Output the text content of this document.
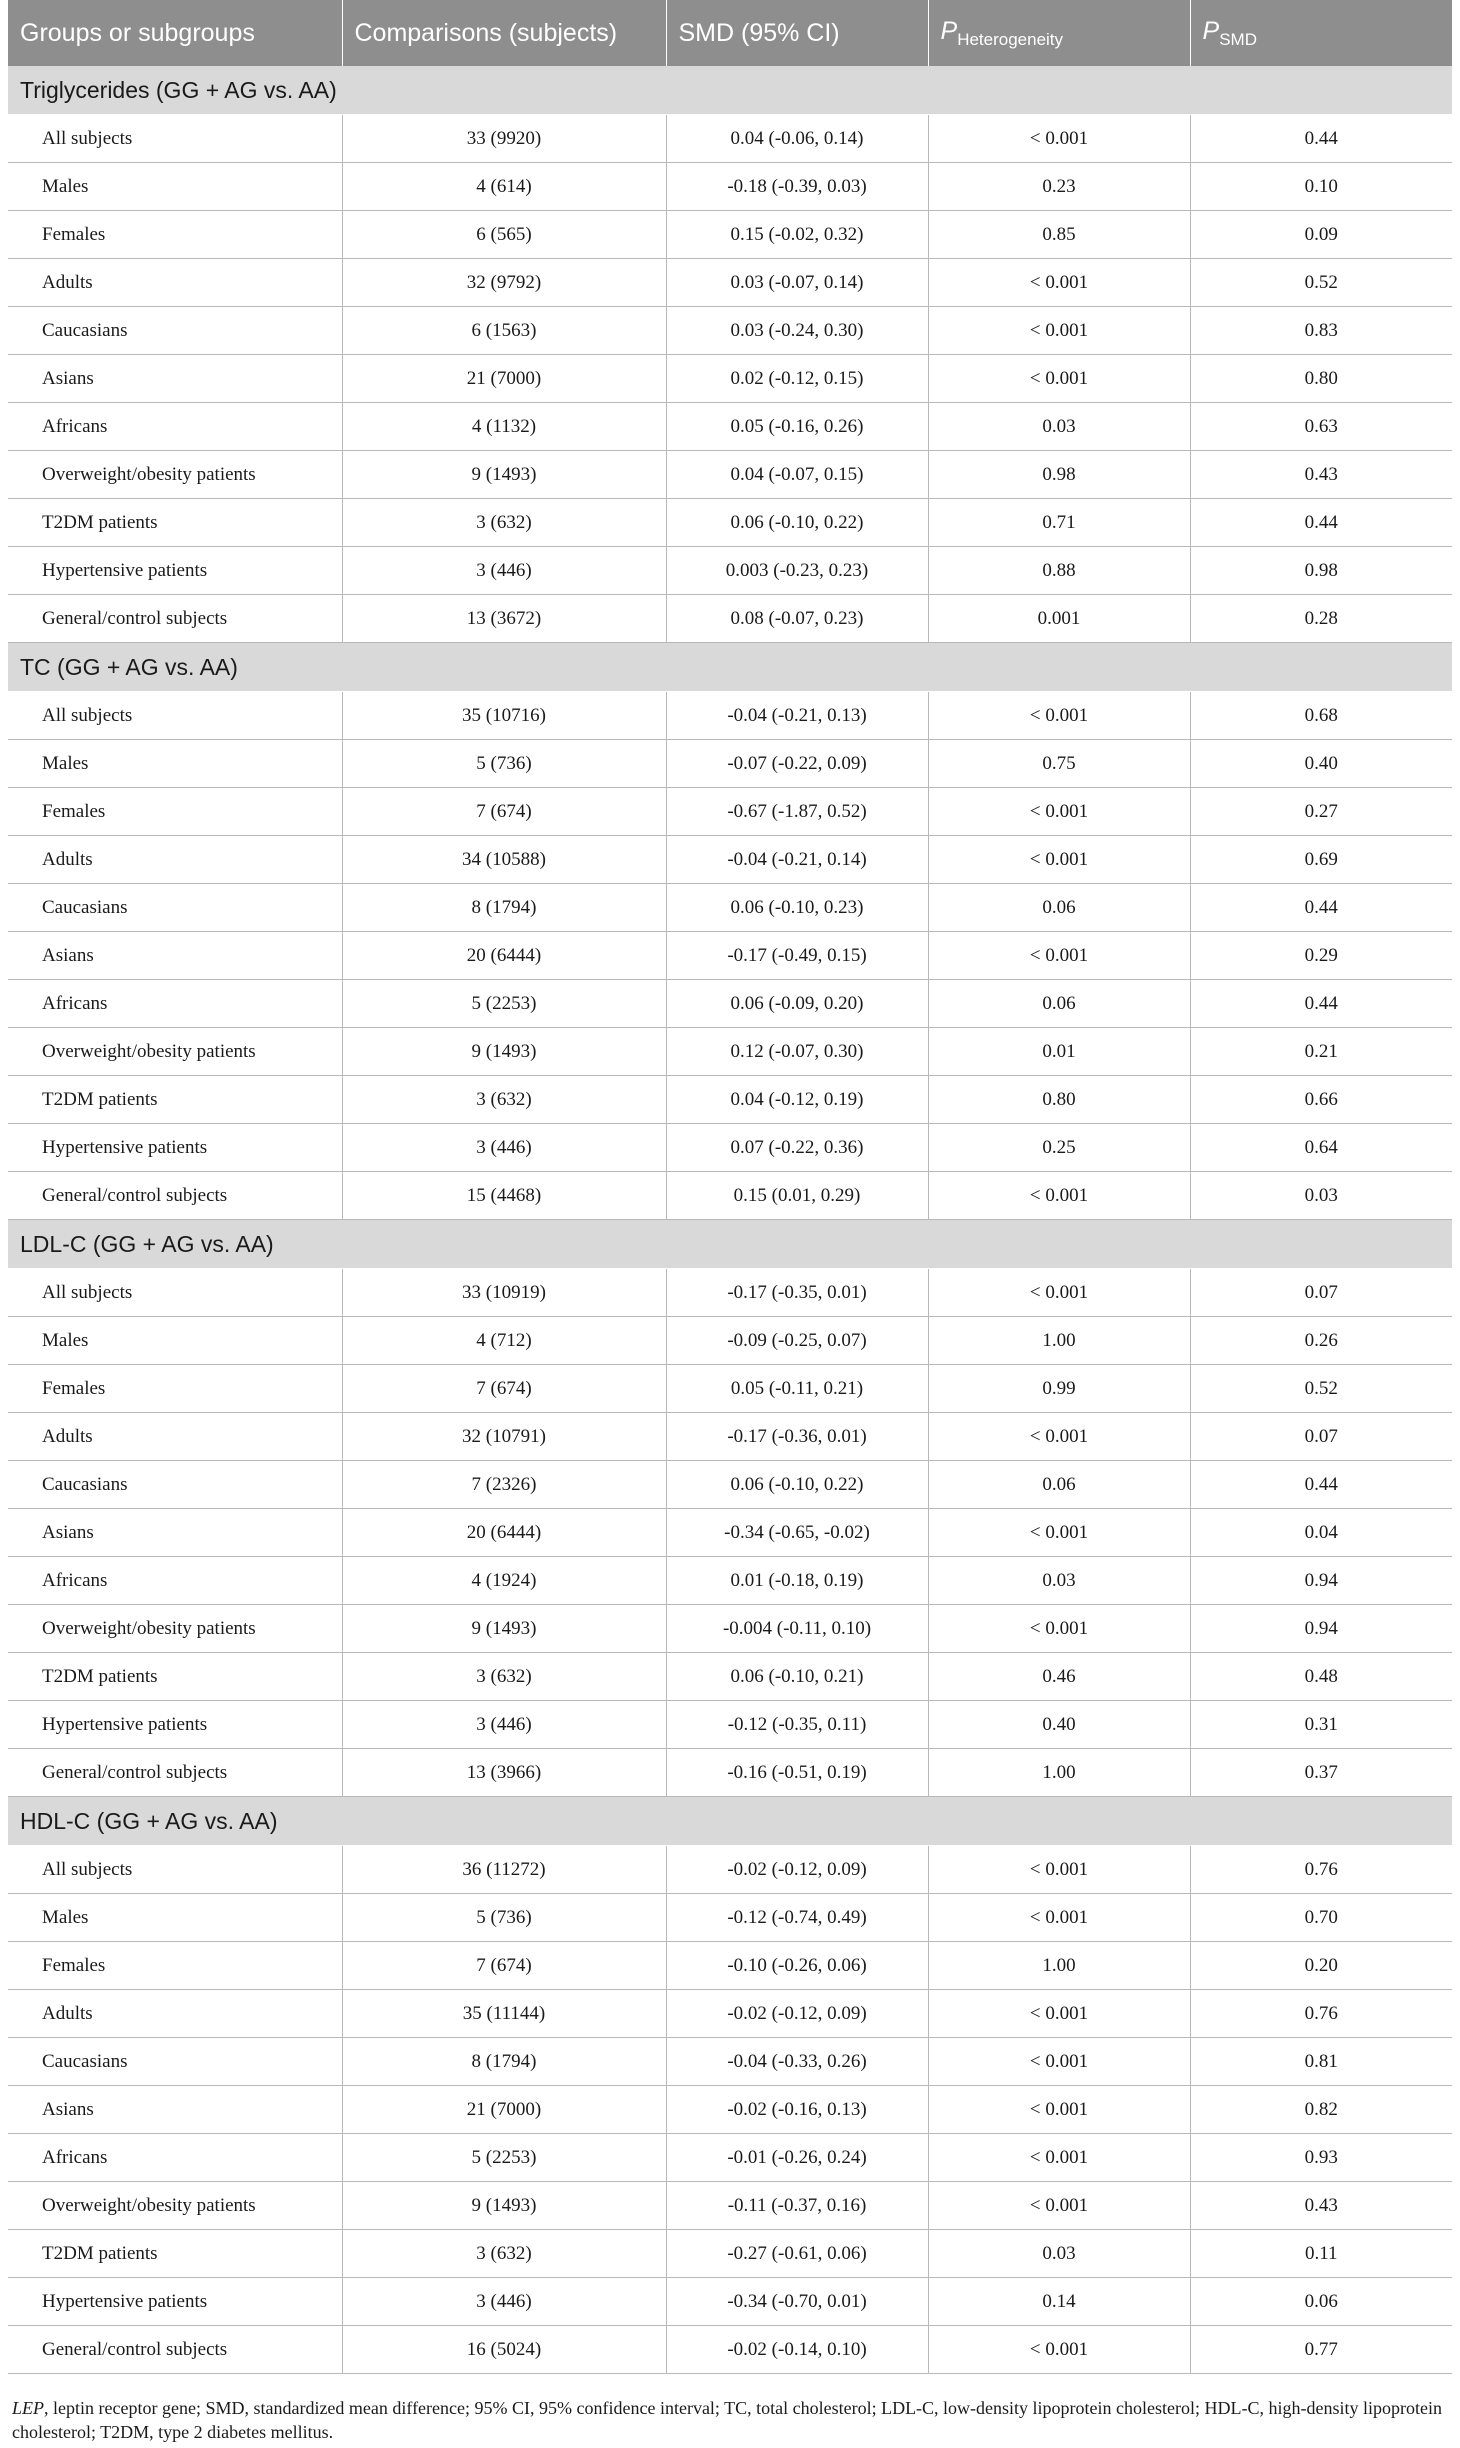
Groups or subgroups	Comparisons (subjects)	SMD (95% CI)	$P_{Heterogeneity}$	$P_{SMD}$
Triglycerides (GG + AG vs. AA)				
All subjects	33 (9920)	0.04 (-0.06, 0.14)	< 0.001	0.44
Males	4 (614)	-0.18 (-0.39, 0.03)	0.23	0.10
Females	6 (565)	0.15 (-0.02, 0.32)	0.85	0.09
Adults	32 (9792)	0.03 (-0.07, 0.14)	< 0.001	0.52
Caucasians	6 (1563)	0.03 (-0.24, 0.30)	< 0.001	0.83
Asians	21 (7000)	0.02 (-0.12, 0.15)	< 0.001	0.80
Africans	4 (1132)	0.05 (-0.16, 0.26)	0.03	0.63
Overweight/obesity patients	9 (1493)	0.04 (-0.07, 0.15)	0.98	0.43
T2DM patients	3 (632)	0.06 (-0.10, 0.22)	0.71	0.44
Hypertensive patients	3 (446)	0.003 (-0.23, 0.23)	0.88	0.98
General/control subjects	13 (3672)	0.08 (-0.07, 0.23)	0.001	0.28
TC (GG + AG vs. AA)				
All subjects	35 (10716)	-0.04 (-0.21, 0.13)	< 0.001	0.68
Males	5 (736)	-0.07 (-0.22, 0.09)	0.75	0.40
Females	7 (674)	-0.67 (-1.87, 0.52)	< 0.001	0.27
Adults	34 (10588)	-0.04 (-0.21, 0.14)	< 0.001	0.69
Caucasians	8 (1794)	0.06 (-0.10, 0.23)	0.06	0.44
Asians	20 (6444)	-0.17 (-0.49, 0.15)	< 0.001	0.29
Africans	5 (2253)	0.06 (-0.09, 0.20)	0.06	0.44
Overweight/obesity patients	9 (1493)	0.12 (-0.07, 0.30)	0.01	0.21
T2DM patients	3 (632)	0.04 (-0.12, 0.19)	0.80	0.66
Hypertensive patients	3 (446)	0.07 (-0.22, 0.36)	0.25	0.64
General/control subjects	15 (4468)	0.15 (0.01, 0.29)	< 0.001	0.03
LDL-C (GG + AG vs. AA)				
All subjects	33 (10919)	-0.17 (-0.35, 0.01)	< 0.001	0.07
Males	4 (712)	-0.09 (-0.25, 0.07)	1.00	0.26
Females	7 (674)	0.05 (-0.11, 0.21)	0.99	0.52
Adults	32 (10791)	-0.17 (-0.36, 0.01)	< 0.001	0.07
Caucasians	7 (2326)	0.06 (-0.10, 0.22)	0.06	0.44
Asians	20 (6444)	-0.34 (-0.65, -0.02)	< 0.001	0.04
Africans	4 (1924)	0.01 (-0.18, 0.19)	0.03	0.94
Overweight/obesity patients	9 (1493)	-0.004 (-0.11, 0.10)	< 0.001	0.94
T2DM patients	3 (632)	0.06 (-0.10, 0.21)	0.46	0.48
Hypertensive patients	3 (446)	-0.12 (-0.35, 0.11)	0.40	0.31
General/control subjects	13 (3966)	-0.16 (-0.51, 0.19)	1.00	0.37
HDL-C (GG + AG vs. AA)				
All subjects	36 (11272)	-0.02 (-0.12, 0.09)	< 0.001	0.76
Males	5 (736)	-0.12 (-0.74, 0.49)	< 0.001	0.70
Females	7 (674)	-0.10 (-0.26, 0.06)	1.00	0.20
Adults	35 (11144)	-0.02 (-0.12, 0.09)	< 0.001	0.76
Caucasians	8 (1794)	-0.04 (-0.33, 0.26)	< 0.001	0.81
Asians	21 (7000)	-0.02 (-0.16, 0.13)	< 0.001	0.82
Africans	5 (2253)	-0.01 (-0.26, 0.24)	< 0.001	0.93
Overweight/obesity patients	9 (1493)	-0.11 (-0.37, 0.16)	< 0.001	0.43
T2DM patients	3 (632)	-0.27 (-0.61, 0.06)	0.03	0.11
Hypertensive patients	3 (446)	-0.34 (-0.70, 0.01)	0.14	0.06
General/control subjects	16 (5024)	-0.02 (-0.14, 0.10)	< 0.001	0.77
LEP, leptin receptor gene; SMD, standardized mean difference; 95% CI, 95% confidence interval; TC, total cholesterol; LDL-C, low-density lipoprotein cholesterol; HDL-C, high-density lipoprotein cholesterol; T2DM, type 2 diabetes mellitus.
